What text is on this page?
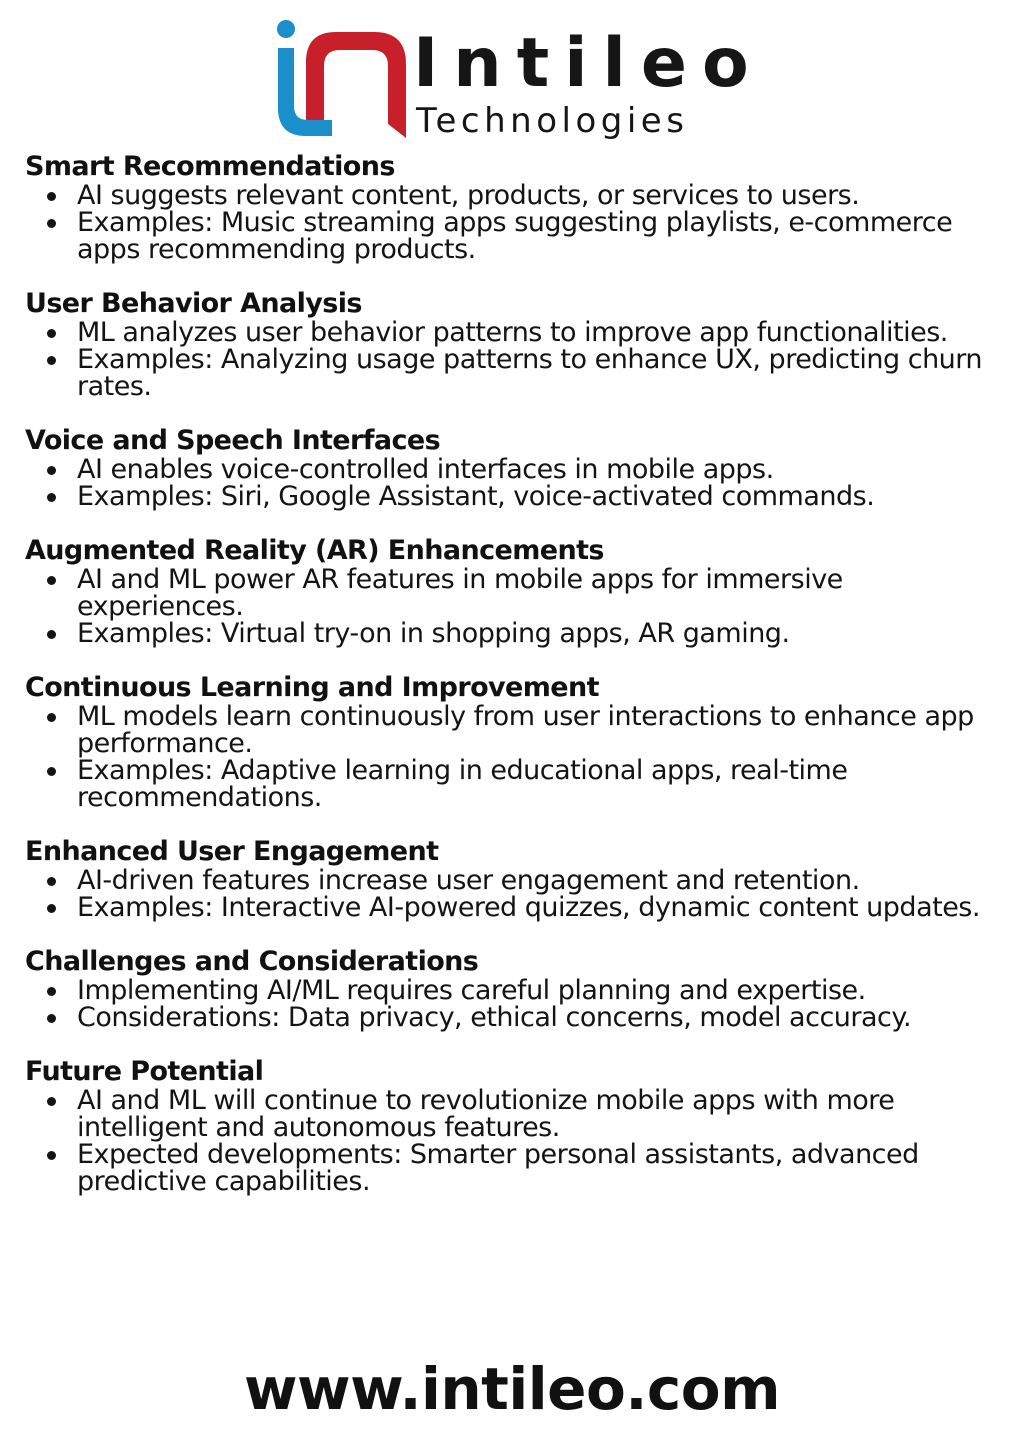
Intileo
Technologies
Smart Recommendations
AI suggests relevant content, products, or services to users.
Examples: Music streaming apps suggesting playlists, e-commerce apps recommending products.
User Behavior Analysis
ML analyzes user behavior patterns to improve app functionalities.
Examples: Analyzing usage patterns to enhance UX, predicting churn rates.
Voice and Speech Interfaces
AI enables voice-controlled interfaces in mobile apps.
Examples: Siri, Google Assistant, voice-activated commands.
Augmented Reality (AR) Enhancements
AI and ML power AR features in mobile apps for immersive experiences.
Examples: Virtual try-on in shopping apps, AR gaming.
Continuous Learning and Improvement
ML models learn continuously from user interactions to enhance app performance.
Examples: Adaptive learning in educational apps, real-time recommendations.
Enhanced User Engagement
AI-driven features increase user engagement and retention.
Examples: Interactive AI-powered quizzes, dynamic content updates.
Challenges and Considerations
Implementing AI/ML requires careful planning and expertise.
Considerations: Data privacy, ethical concerns, model accuracy.
Future Potential
AI and ML will continue to revolutionize mobile apps with more intelligent and autonomous features.
Expected developments: Smarter personal assistants, advanced predictive capabilities.
www.intileo.com
